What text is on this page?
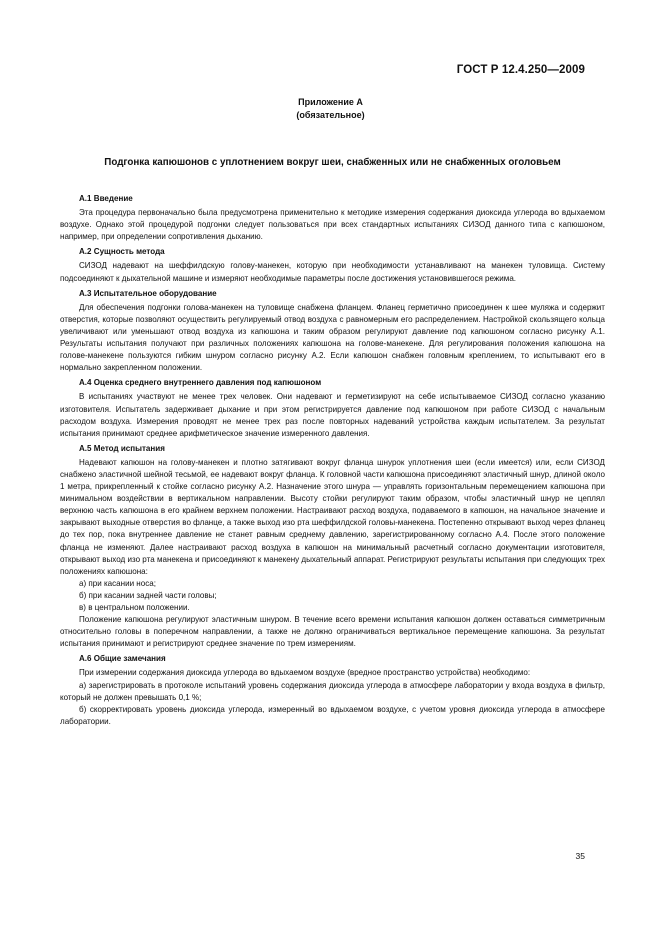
ГОСТ Р 12.4.250—2009
Приложение А
(обязательное)
Подгонка капюшонов с уплотнением вокруг шеи, снабженных или не снабженных оголовьем
А.1 Введение

Эта процедура первоначально была предусмотрена применительно к методике измерения содержания диоксида углерода во вдыхаемом воздухе. Однако этой процедурой подгонки следует пользоваться при всех стандартных испытаниях СИЗОД данного типа с капюшоном, например, при определении сопротивления дыханию.

А.2 Сущность метода

СИЗОД надевают на шеффилдскую голову-манекен, которую при необходимости устанавливают на манекен туловища. Систему подсоединяют к дыхательной машине и измеряют необходимые параметры после достижения установившегося режима.

А.3 Испытательное оборудование

Для обеспечения подгонки голова-манекен на туловище снабжена фланцем. Фланец герметично присоединен к шее муляжа и содержит отверстия, которые позволяют осуществить регулируемый отвод воздуха с равномерным его распределением. Настройкой скользящего кольца увеличивают или уменьшают отвод воздуха из капюшона и таким образом регулируют давление под капюшоном согласно рисунку А.1. Результаты испытания получают при различных положениях капюшона на голове-манекене. Для регулирования положения капюшона на голове-манекене пользуются гибким шнуром согласно рисунку А.2. Если капюшон снабжен головным креплением, то испытывают его в нормально закрепленном положении.

А.4 Оценка среднего внутреннего давления под капюшоном

В испытаниях участвуют не менее трех человек. Они надевают и герметизируют на себе испытываемое СИЗОД согласно указанию изготовителя. Испытатель задерживает дыхание и при этом регистрируется давление под капюшоном при работе СИЗОД с начальным расходом воздуха. Измерения проводят не менее трех раз после повторных надеваний устройства каждым испытателем. За результат испытания принимают среднее арифметическое значение измеренного давления.

А.5 Метод испытания

Надевают капюшон на голову-манекен и плотно затягивают вокруг фланца шнурок уплотнения шеи (если имеется) или, если СИЗОД снабжено эластичной шейной тесьмой, ее надевают вокруг фланца. К головной части капюшона присоединяют эластичный шнур, длиной около 1 метра, прикрепленный к стойке согласно рисунку А.2. Назначение этого шнура — управлять горизонтальным перемещением капюшона при минимальном воздействии в вертикальном направлении. Высоту стойки регулируют таким образом, чтобы эластичный шнур не цеплял верхнюю часть капюшона в его крайнем верхнем положении. Настраивают расход воздуха, подаваемого в капюшон, на начальное значение и закрывают выходные отверстия во фланце, а также выход изо рта шеффилдской головы-манекена. Постепенно открывают выход через фланец до тех пор, пока внутреннее давление не станет равным среднему давлению, зарегистрированному согласно А.4. После этого положение фланца не изменяют. Далее настраивают расход воздуха в капюшон на минимальный расчетный согласно документации изготовителя, открывают выход изо рта манекена и присоединяют к манекену дыхательный аппарат. Регистрируют результаты испытания при следующих трех положениях капюшона:

а) при касании носа;
б) при касании задней части головы;
в) в центральном положении.

Положение капюшона регулируют эластичным шнуром. В течение всего времени испытания капюшон должен оставаться симметричным относительно головы в поперечном направлении, а также не должно ограничиваться вертикальное перемещение капюшона. За результат испытания принимают и регистрируют среднее значение по трем измерениям.

А.6 Общие замечания

При измерении содержания диоксида углерода во вдыхаемом воздухе (вредное пространство устройства) необходимо:

а) зарегистрировать в протоколе испытаний уровень содержания диоксида углерода в атмосфере лаборатории у входа воздуха в фильтр, который не должен превышать 0,1 %;

б) скорректировать уровень диоксида углерода, измеренный во вдыхаемом воздухе, с учетом уровня диоксида углерода в атмосфере лаборатории.

35
